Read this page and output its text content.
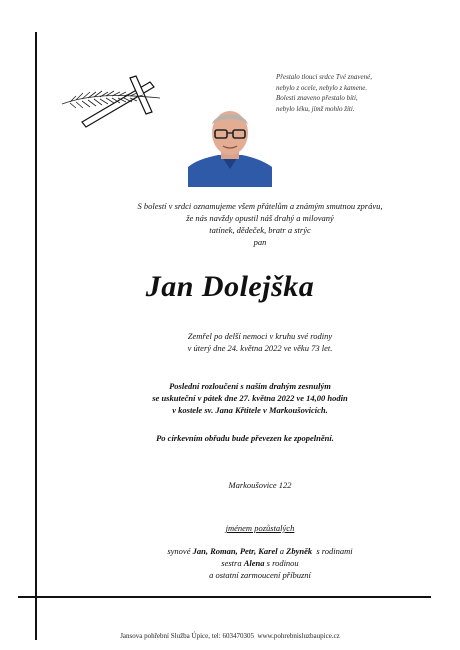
Přestalo tlouci srdce Tvé znavené,
nebylo z ocele, nebylo z kamene.
Bolesti znaveno přestalo bíti,
nebylo léku, jímž mohlo žíti.
S bolestí v srdci oznamujeme všem přátelům a známým smutnou zprávu,
že nás navždy opustil náš drahý a milovaný
tatínek, dědeček, bratr a strýc
pan
Jan Dolejška
Zemřel po delší nemoci v kruhu své rodiny
v úterý dne 24. května 2022 ve věku 73 let.
Poslední rozloučení s naším drahým zesnulým
se uskuteční v pátek dne 27. května 2022 ve 14,00 hodin
v kostele sv. Jana Křtitele v Markoušovicích.
Po církevním obřadu bude převezen ke zpopelnění.
Markoušovice 122
jménem pozůstalých
synové Jan, Roman, Petr, Karel a Zbyněk  s rodinami
sestra Alena s rodinou
a ostatní zarmoucení příbuzní
Jansova pohřební Služba Úpice, tel: 603470305  www.pohrebnisluzbaupice.cz
